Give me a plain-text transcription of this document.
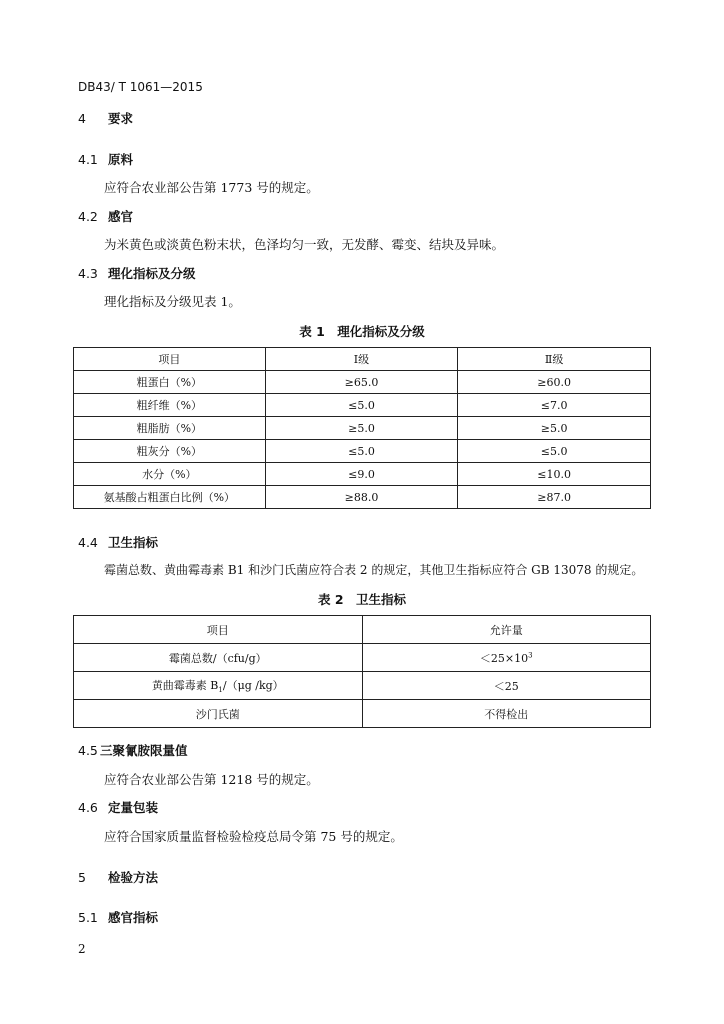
DB43/ T 1061—2015
4 要求
4.1 原料
应符合农业部公告第 1773 号的规定。
4.2 感官
为米黄色或淡黄色粉末状，色泽均匀一致，无发酵、霉变、结块及异味。
4.3 理化指标及分级
理化指标及分级见表 1。
表 1　理化指标及分级
项目	Ⅰ级	Ⅱ级
粗蛋白（%）	≥65.0	≥60.0
粗纤维（%）	≤5.0	≤7.0
粗脂肪（%）	≥5.0	≥5.0
粗灰分（%）	≤5.0	≤5.0
水分（%）	≤9.0	≤10.0
氨基酸占粗蛋白比例（%）	≥88.0	≥87.0
4.4 卫生指标
霉菌总数、黄曲霉毒素 B1 和沙门氏菌应符合表 2 的规定，其他卫生指标应符合 GB 13078 的规定。
表 2　卫生指标
项目	允许量
霉菌总数/（cfu/g）	$<25\times 10^3$
黄曲霉毒素 $B_1/(\mu g$ /kg）	＜25
沙门氏菌	不得检出
4.5 三聚氰胺限量值
应符合农业部公告第 1218 号的规定。
4.6 定量包装
应符合国家质量监督检验检疫总局令第 75 号的规定。
5 检验方法
5.1 感官指标
2
